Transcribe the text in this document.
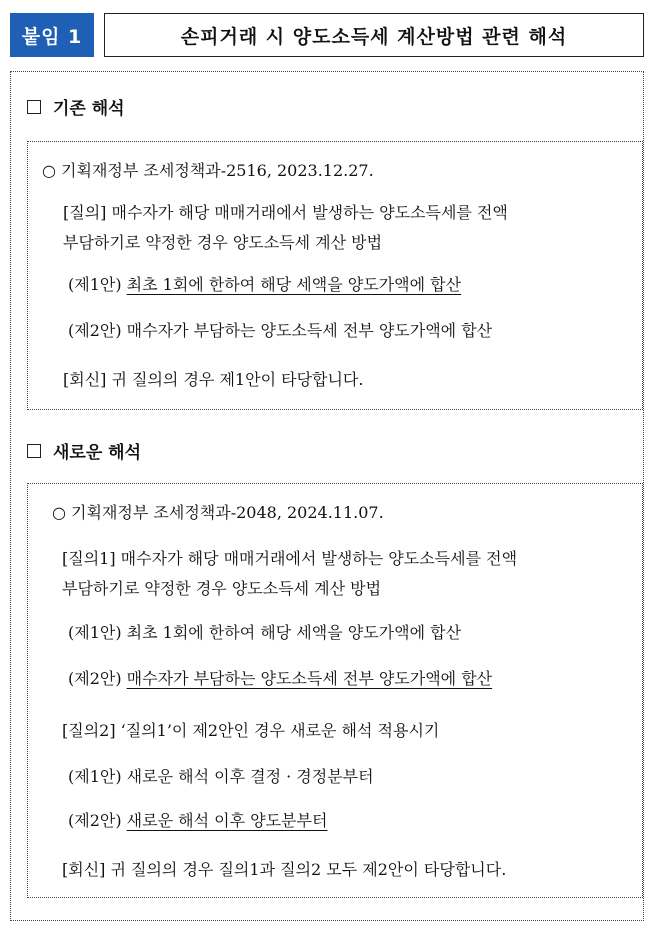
붙임 1	손피거래 시 양도소득세 계산방법 관련 해석
기존 해석
○ 기획재정부 조세정책과-2516, 2023.12.27.
[질의] 매수자가 해당 매매거래에서 발생하는 양도소득세를 전액
부담하기로 약정한 경우 양도소득세 계산 방법
(제1안) 최초 1회에 한하여 해당 세액을 양도가액에 합산
(제2안) 매수자가 부담하는 양도소득세 전부 양도가액에 합산
[회신] 귀 질의의 경우 제1안이 타당합니다.
새로운 해석
○ 기획재정부 조세정책과-2048, 2024.11.07.
[질의1] 매수자가 해당 매매거래에서 발생하는 양도소득세를 전액
부담하기로 약정한 경우 양도소득세 계산 방법
(제1안) 최초 1회에 한하여 해당 세액을 양도가액에 합산
(제2안) 매수자가 부담하는 양도소득세 전부 양도가액에 합산
[질의2] ‘질의1’이 제2안인 경우 새로운 해석 적용시기
(제1안) 새로운 해석 이후 결정 · 경정분부터
(제2안) 새로운 해석 이후 양도분부터
[회신] 귀 질의의 경우 질의1과 질의2 모두 제2안이 타당합니다.
